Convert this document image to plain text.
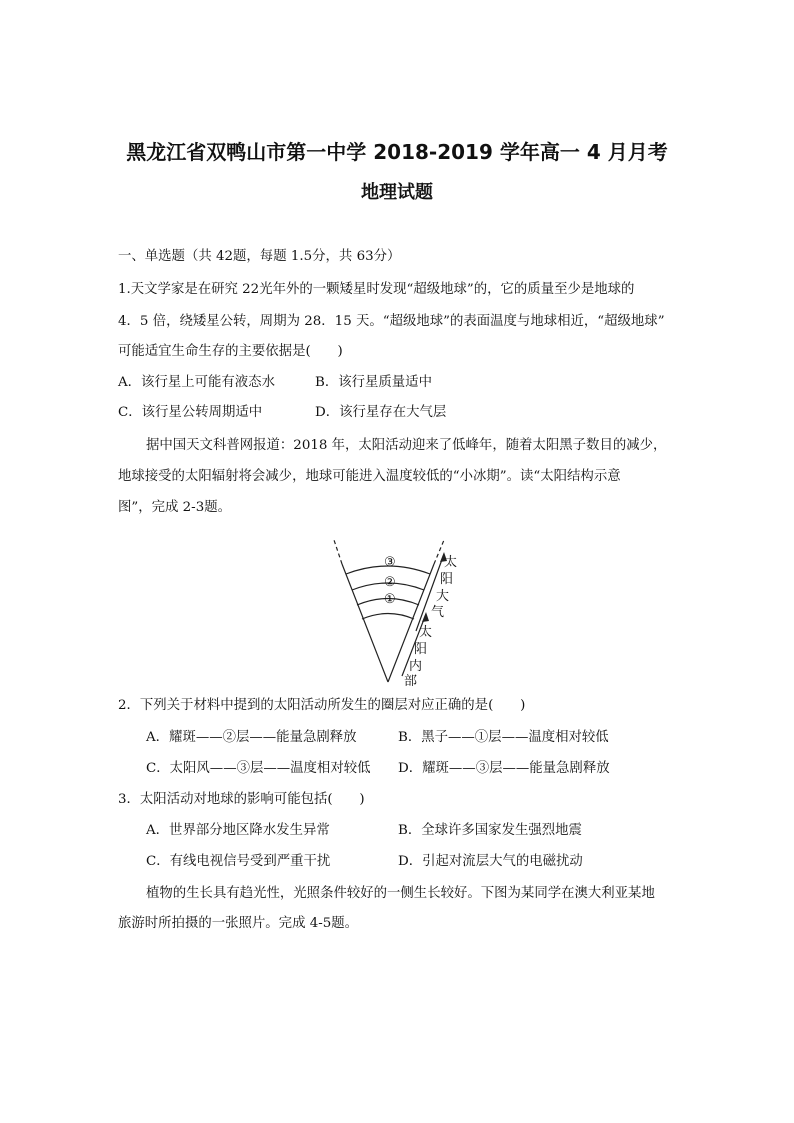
黑龙江省双鸭山市第一中学 2018-2019 学年高一 4 月月考
地理试题
一、单选题（共 42题，每题 1.5分，共 63分）
1.天文学家是在研究 22光年外的一颗矮星时发现“超级地球”的，它的质量至少是地球的
4．5 倍，绕矮星公转，周期为 28．15 天。“超级地球”的表面温度与地球相近，“超级地球”
可能适宜生命生存的主要依据是(　　)
A．该行星上可能有液态水	B．该行星质量适中
C．该行星公转周期适中	D．该行星存在大气层
据中国天文科普网报道：2018 年，太阳活动迎来了低峰年，随着太阳黑子数目的减少，
地球接受的太阳辐射将会减少，地球可能进入温度较低的“小冰期”。读“太阳结构示意
图”，完成 2-3题。
③
②
①
太
阳
大
气
太
阳
内
部
2．下列关于材料中提到的太阳活动所发生的圈层对应正确的是(　　)
A．耀斑——②层——能量急剧释放	B．黑子——①层——温度相对较低
C．太阳风——③层——温度相对较低 D．耀斑——③层——能量急剧释放
3．太阳活动对地球的影响可能包括(　　)
A．世界部分地区降水发生异常	B．全球许多国家发生强烈地震
C．有线电视信号受到严重干扰	D．引起对流层大气的电磁扰动
植物的生长具有趋光性，光照条件较好的一侧生长较好。下图为某同学在澳大利亚某地
旅游时所拍摄的一张照片。完成 4-5题。
